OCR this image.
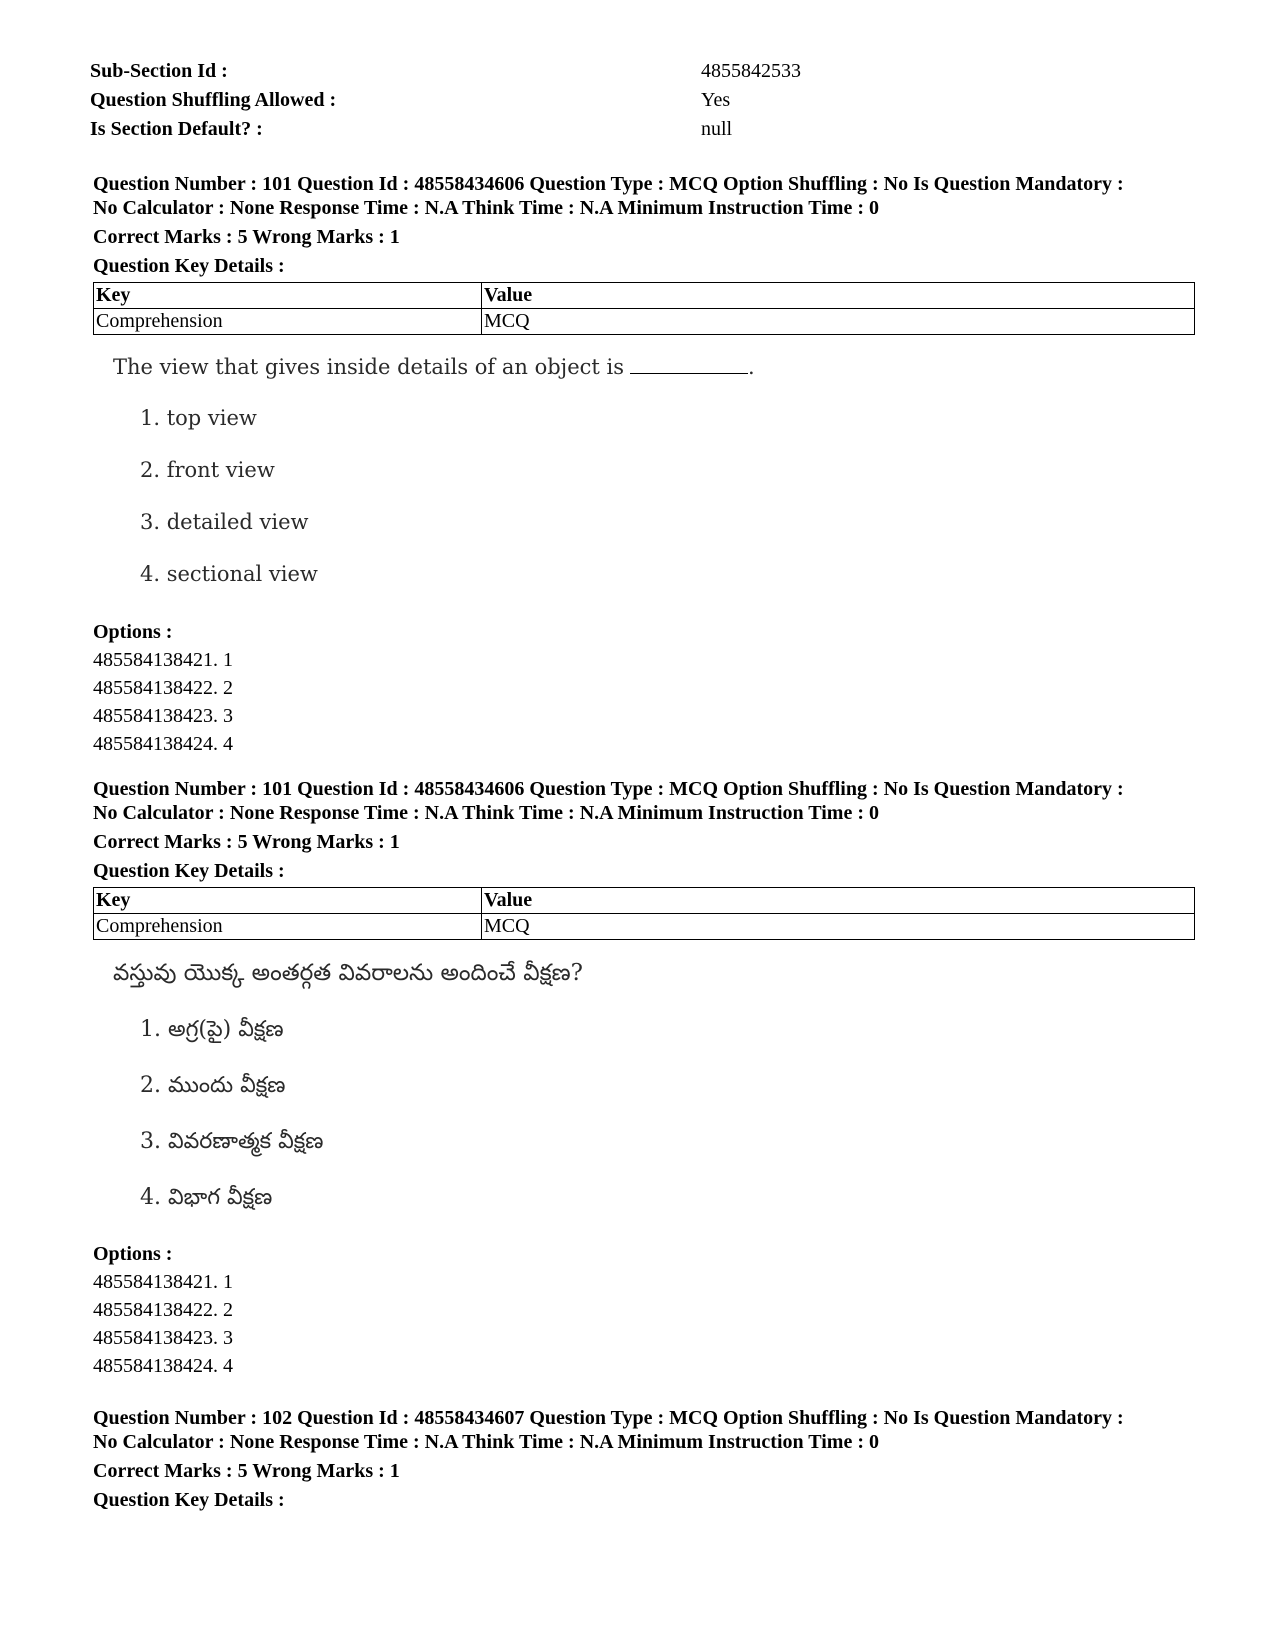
Sub-Section Id :	4855842533
Question Shuffling Allowed :	Yes
Is Section Default? :	null
Question Number : 101 Question Id : 48558434606 Question Type : MCQ Option Shuffling : No Is Question Mandatory :
No Calculator : None Response Time : N.A Think Time : N.A Minimum Instruction Time : 0
Correct Marks : 5 Wrong Marks : 1
Question Key Details :
Key	Value
Comprehension	MCQ
The view that gives inside details of an object is	.
1. top view
2. front view
3. detailed view
4. sectional view
Options :
485584138421. 1
485584138422. 2
485584138423. 3
485584138424. 4
Question Number : 101 Question Id : 48558434606 Question Type : MCQ Option Shuffling : No Is Question Mandatory :
No Calculator : None Response Time : N.A Think Time : N.A Minimum Instruction Time : 0
Correct Marks : 5 Wrong Marks : 1
Question Key Details :
Key	Value
Comprehension	MCQ
వస్తువు యొక్క అంతర్గత వివరాలను అందించే వీక్షణ?
1. అగ్ర(పై) వీక్షణ
2. ముందు వీక్షణ
3. వివరణాత్మక వీక్షణ
4. విభాగ వీక్షణ
Options :
485584138421. 1
485584138422. 2
485584138423. 3
485584138424. 4
Question Number : 102 Question Id : 48558434607 Question Type : MCQ Option Shuffling : No Is Question Mandatory :
No Calculator : None Response Time : N.A Think Time : N.A Minimum Instruction Time : 0
Correct Marks : 5 Wrong Marks : 1
Question Key Details :
